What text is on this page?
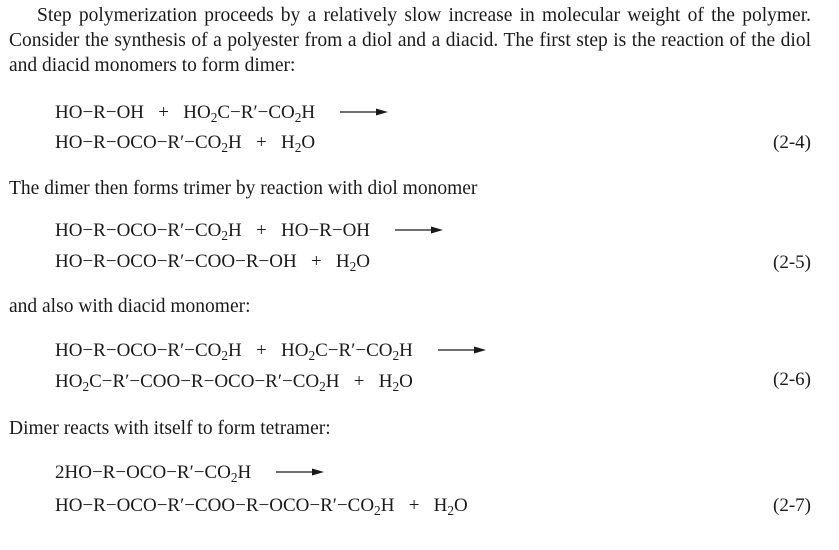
Step polymerization proceeds by a relatively slow increase in molecular weight of the polymer. Consider the synthesis of a polyester from a diol and a diacid. The first step is the reaction of the diol and diacid monomers to form dimer:

$HO-R-OH + HO_2C-R'-CO_2H$ →
$HO-R-OCO-R'-CO_2H + H_2O$	(2-4)

The dimer then forms trimer by reaction with diol monomer

$HO-R-OCO-R'-CO_2H + HO-R-OH$ →
$HO-R-OCO-R'-COO-R-OH + H_2O$	(2-5)

and also with diacid monomer:

$HO-R-OCO-R'-CO_2H + HO_2C-R'-CO_2H$ →
$HO_2C-R'-COO-R-OCO-R'-CO_2H + H_2O$	(2-6)

Dimer reacts with itself to form tetramer:

$2HO-R-OCO-R'-CO_2H$ →
$HO-R-OCO-R'-COO-R-OCO-R'-CO_2H + H_2O$	(2-7)
